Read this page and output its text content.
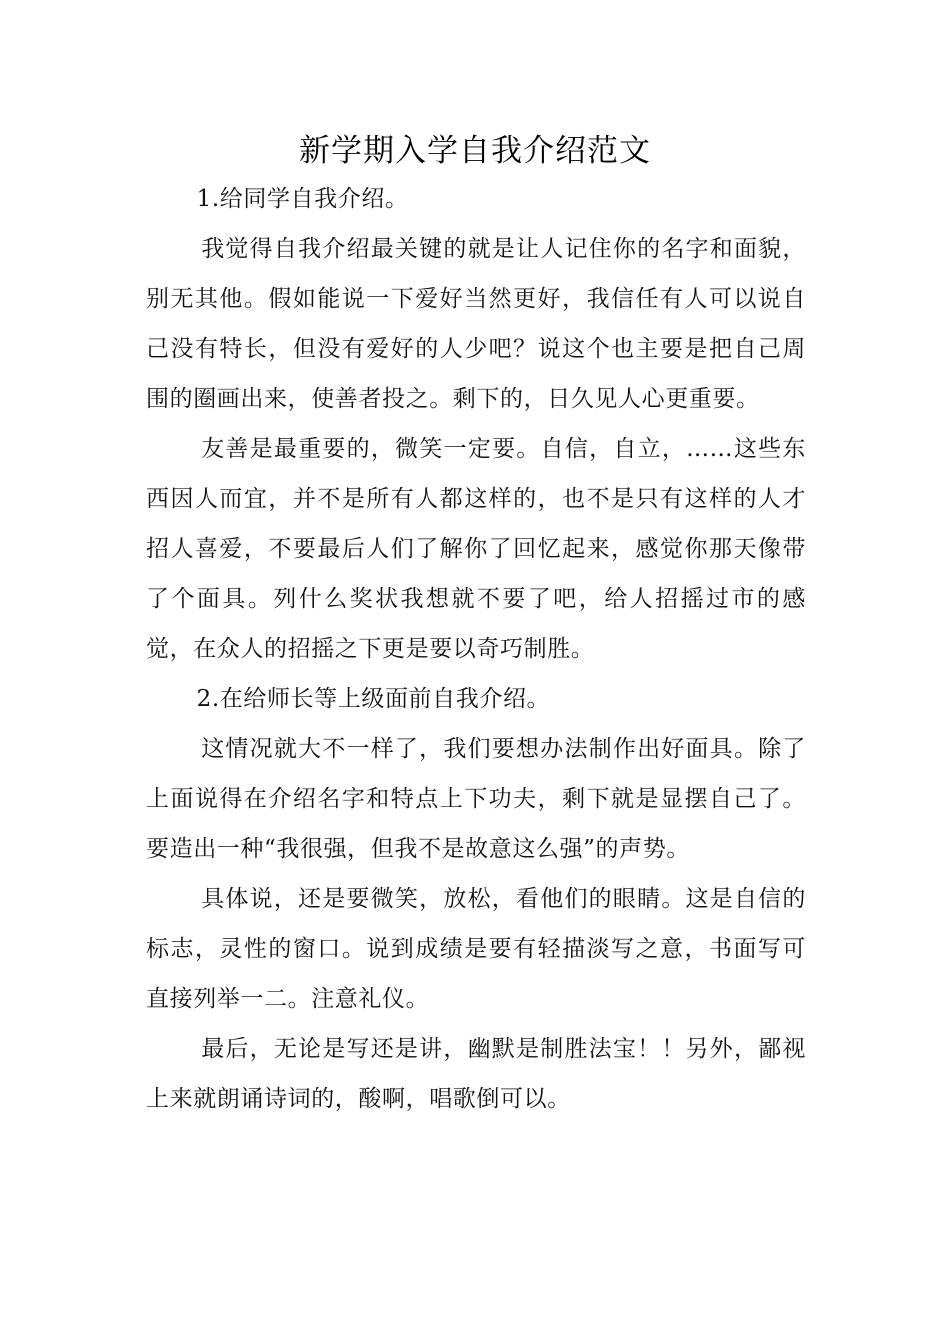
新学期入学自我介绍范文

1.给同学自我介绍。

我觉得自我介绍最关键的就是让人记住你的名字和面貌，别无其他。假如能说一下爱好当然更好，我信任有人可以说自己没有特长，但没有爱好的人少吧？说这个也主要是把自己周围的圈画出来，使善者投之。剩下的，日久见人心更重要。

友善是最重要的，微笑一定要。自信，自立，……这些东西因人而宜，并不是所有人都这样的，也不是只有这样的人才招人喜爱，不要最后人们了解你了回忆起来，感觉你那天像带了个面具。列什么奖状我想就不要了吧，给人招摇过市的感觉，在众人的招摇之下更是要以奇巧制胜。

2.在给师长等上级面前自我介绍。

这情况就大不一样了，我们要想办法制作出好面具。除了上面说得在介绍名字和特点上下功夫，剩下就是显摆自己了。要造出一种“我很强，但我不是故意这么强”的声势。

具体说，还是要微笑，放松，看他们的眼睛。这是自信的标志，灵性的窗口。说到成绩是要有轻描淡写之意，书面写可直接列举一二。注意礼仪。

最后，无论是写还是讲，幽默是制胜法宝！！另外，鄙视上来就朗诵诗词的，酸啊，唱歌倒可以。
